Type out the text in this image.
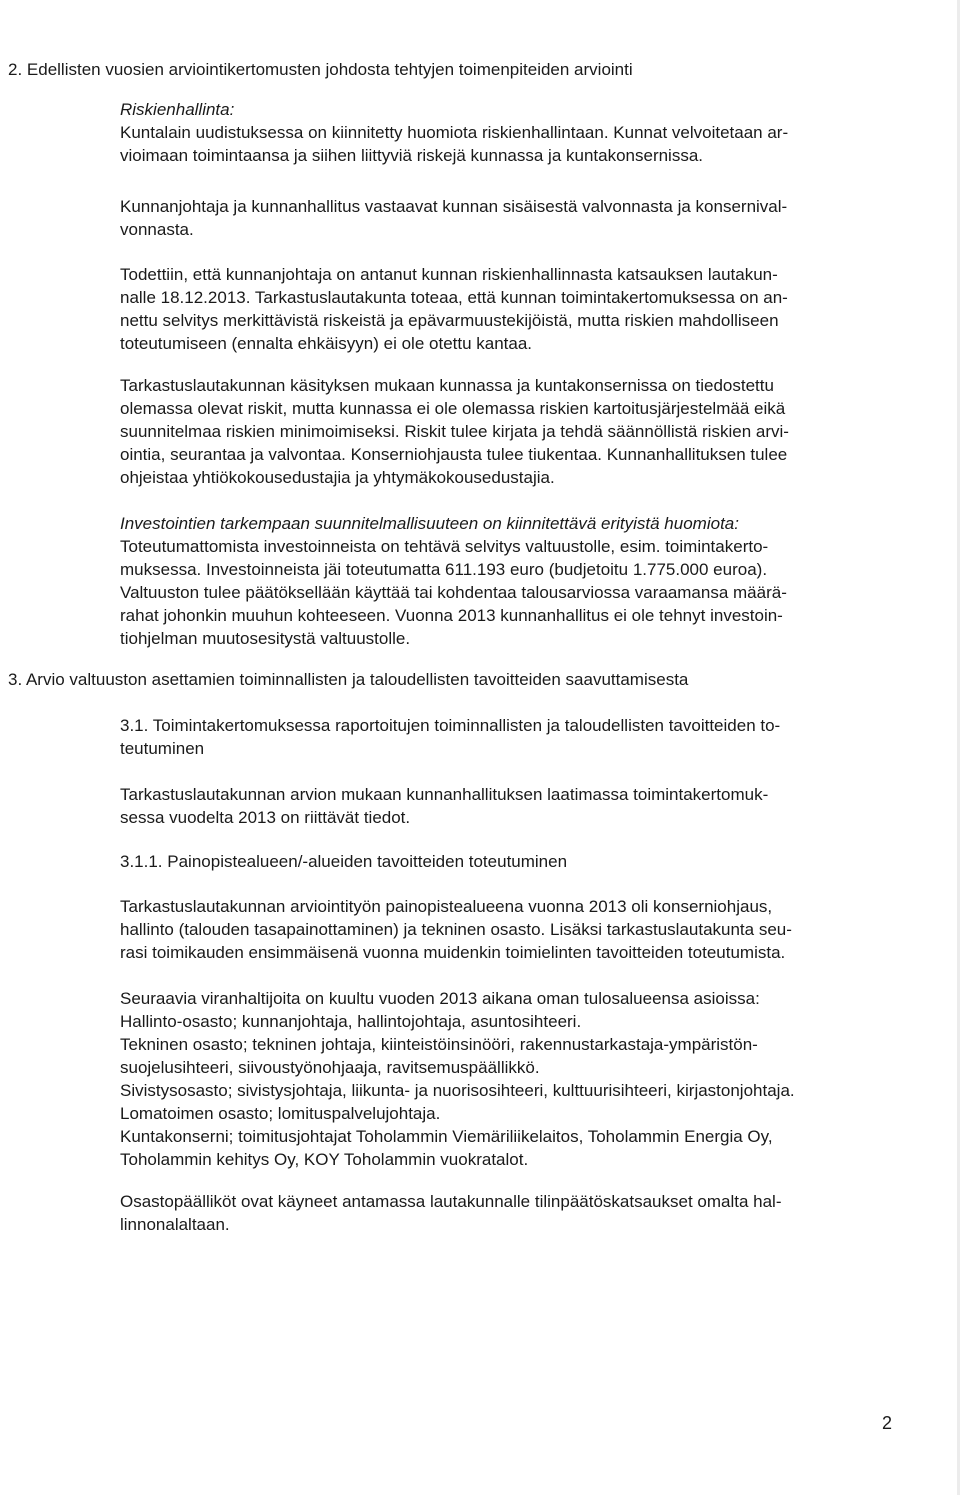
2. Edellisten vuosien arviointikertomusten johdosta tehtyjen toimenpiteiden arviointi

Riskienhallinta:

Kuntalain uudistuksessa on kiinnitetty huomiota riskienhallintaan. Kunnat velvoitetaan ar-

vioimaan toimintaansa ja siihen liittyviä riskejä kunnassa ja kuntakonsernissa.

Kunnanjohtaja ja kunnanhallitus vastaavat kunnan sisäisestä valvonnasta ja konsernival-

vonnasta.

Todettiin, että kunnanjohtaja on antanut kunnan riskienhallinnasta katsauksen lautakun-

nalle 18.12.2013. Tarkastuslautakunta toteaa, että kunnan toimintakertomuksessa on an-

nettu selvitys merkittävistä riskeistä ja epävarmuustekijöistä, mutta riskien mahdolliseen

toteutumiseen (ennalta ehkäisyyn) ei ole otettu kantaa.

Tarkastuslautakunnan käsityksen mukaan kunnassa ja kuntakonsernissa on tiedostettu

olemassa olevat riskit, mutta kunnassa ei ole olemassa riskien kartoitusjärjestelmää eikä

suunnitelmaa riskien minimoimiseksi. Riskit tulee kirjata ja tehdä säännöllistä riskien arvi-

ointia, seurantaa ja valvontaa. Konserniohjausta tulee tiukentaa. Kunnanhallituksen tulee

ohjeistaa yhtiökokousedustajia ja yhtymäkokousedustajia.

Investointien tarkempaan suunnitelmallisuuteen on kiinnitettävä erityistä huomiota:

Toteutumattomista investoinneista on tehtävä selvitys valtuustolle, esim. toimintakerto-

muksessa. Investoinneista jäi toteutumatta 611.193 euro (budjetoitu 1.775.000 euroa).

Valtuuston tulee päätöksellään käyttää tai kohdentaa talousarviossa varaamansa määrä-

rahat johonkin muuhun kohteeseen. Vuonna 2013 kunnanhallitus ei ole tehnyt investoin-

tiohjelman muutosesitystä valtuustolle.

3. Arvio valtuuston asettamien toiminnallisten ja taloudellisten tavoitteiden saavuttamisesta

3.1. Toimintakertomuksessa raportoitujen toiminnallisten ja taloudellisten tavoitteiden to-

teutuminen

Tarkastuslautakunnan arvion mukaan kunnanhallituksen laatimassa toimintakertomuk-

sessa vuodelta 2013 on riittävät tiedot.

3.1.1. Painopistealueen/-alueiden tavoitteiden toteutuminen

Tarkastuslautakunnan arviointityön painopistealueena vuonna 2013 oli konserniohjaus,

hallinto (talouden tasapainottaminen) ja tekninen osasto. Lisäksi tarkastuslautakunta seu-

rasi toimikauden ensimmäisenä vuonna muidenkin toimielinten tavoitteiden toteutumista.

Seuraavia viranhaltijoita on kuultu vuoden 2013 aikana oman tulosalueensa asioissa:

Hallinto-osasto; kunnanjohtaja, hallintojohtaja, asuntosihteeri.

Tekninen osasto; tekninen johtaja, kiinteistöinsinööri, rakennustarkastaja-ympäristön-

suojelusihteeri, siivoustyönohjaaja, ravitsemuspäällikkö.

Sivistysosasto; sivistysjohtaja, liikunta- ja nuorisosihteeri, kulttuurisihteeri, kirjastonjohtaja.

Lomatoimen osasto; lomituspalvelujohtaja.

Kuntakonserni; toimitusjohtajat Toholammin Viemäriliikelaitos, Toholammin Energia Oy,

Toholammin kehitys Oy, KOY Toholammin vuokratalot.

Osastopäälliköt ovat käyneet antamassa lautakunnalle tilinpäätöskatsaukset omalta hal-

linnonalaltaan.

2
